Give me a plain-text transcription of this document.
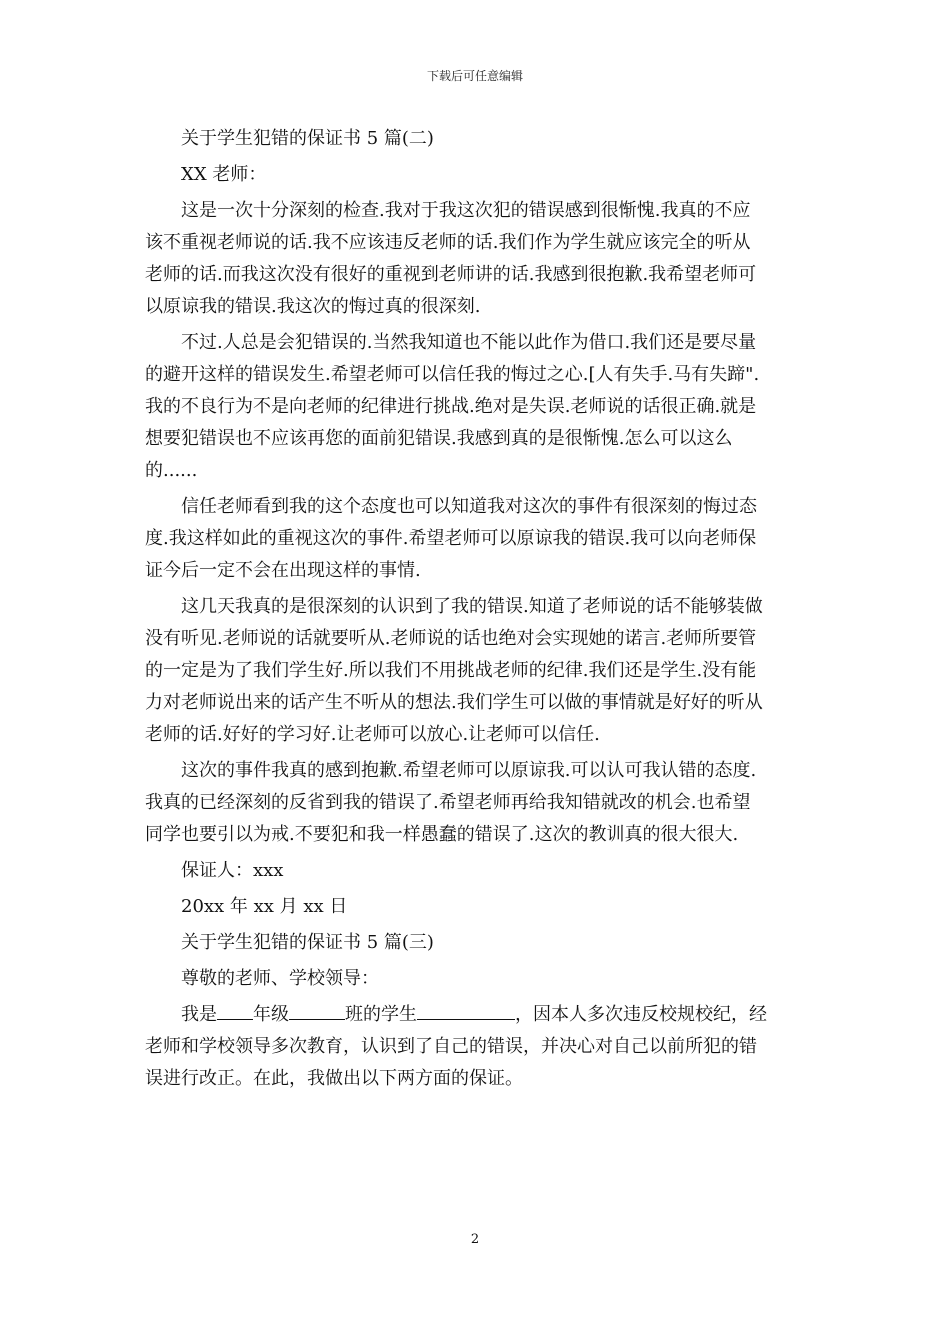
下载后可任意编辑
关于学生犯错的保证书 5 篇(二)
XX 老师：
这是一次十分深刻的检查.我对于我这次犯的错误感到很惭愧.我真的不应
该不重视老师说的话.我不应该违反老师的话.我们作为学生就应该完全的听从
老师的话.而我这次没有很好的重视到老师讲的话.我感到很抱歉.我希望老师可
以原谅我的错误.我这次的悔过真的很深刻.
不过.人总是会犯错误的.当然我知道也不能以此作为借口.我们还是要尽量
的避开这样的错误发生.希望老师可以信任我的悔过之心.[人有失手.马有失蹄".
我的不良行为不是向老师的纪律进行挑战.绝对是失误.老师说的话很正确.就是
想要犯错误也不应该再您的面前犯错误.我感到真的是很惭愧.怎么可以这么
的......
信任老师看到我的这个态度也可以知道我对这次的事件有很深刻的悔过态
度.我这样如此的重视这次的事件.希望老师可以原谅我的错误.我可以向老师保
证今后一定不会在出现这样的事情.
这几天我真的是很深刻的认识到了我的错误.知道了老师说的话不能够装做
没有听见.老师说的话就要听从.老师说的话也绝对会实现她的诺言.老师所要管
的一定是为了我们学生好.所以我们不用挑战老师的纪律.我们还是学生.没有能
力对老师说出来的话产生不听从的想法.我们学生可以做的事情就是好好的听从
老师的话.好好的学习好.让老师可以放心.让老师可以信任.
这次的事件我真的感到抱歉.希望老师可以原谅我.可以认可我认错的态度.
我真的已经深刻的反省到我的错误了.希望老师再给我知错就改的机会.也希望
同学也要引以为戒.不要犯和我一样愚蠢的错误了.这次的教训真的很大很大.
保证人：xxx
20xx 年 xx 月 xx 日
关于学生犯错的保证书 5 篇(三)
尊敬的老师、学校领导：
我是 年级	班的学生	，因本人多次违反校规校纪，经
老师和学校领导多次教育，认识到了自己的错误，并决心对自己以前所犯的错
误进行改正。在此，我做出以下两方面的保证。
2
